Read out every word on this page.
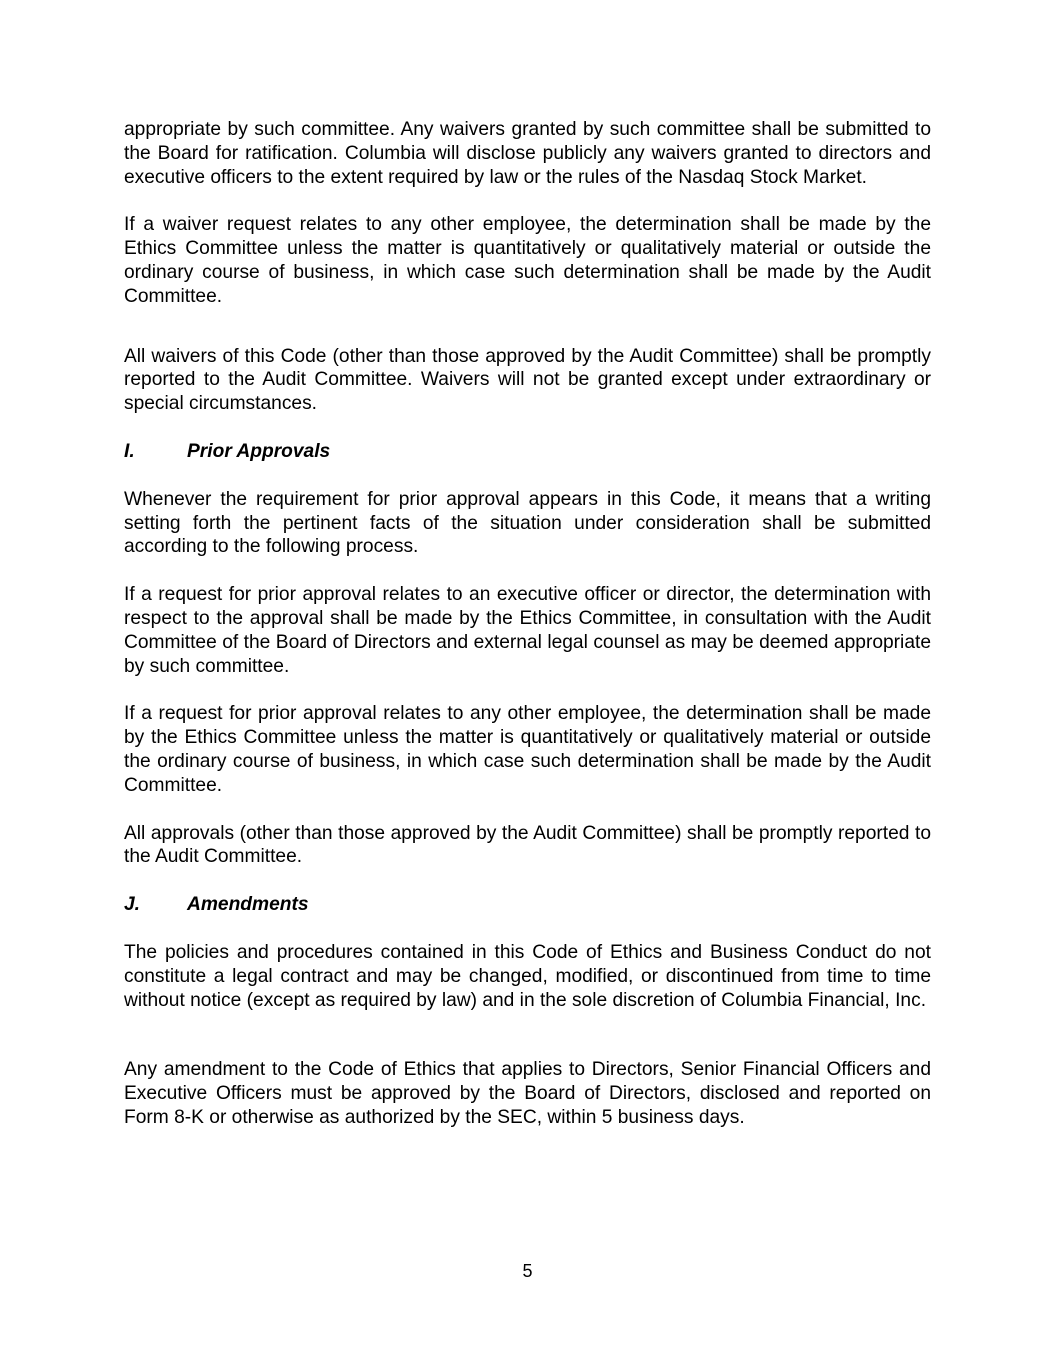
appropriate by such committee. Any waivers granted by such committee shall be submitted to the Board for ratification. Columbia will disclose publicly any waivers granted to directors and executive officers to the extent required by law or the rules of the Nasdaq Stock Market.

If a waiver request relates to any other employee, the determination shall be made by the Ethics Committee unless the matter is quantitatively or qualitatively material or outside the ordinary course of business, in which case such determination shall be made by the Audit Committee.

All waivers of this Code (other than those approved by the Audit Committee) shall be promptly reported to the Audit Committee. Waivers will not be granted except under extraordinary or special circumstances.

I.	Prior Approvals

Whenever the requirement for prior approval appears in this Code, it means that a writing setting forth the pertinent facts of the situation under consideration shall be submitted according to the following process.

If a request for prior approval relates to an executive officer or director, the determination with respect to the approval shall be made by the Ethics Committee, in consultation with the Audit Committee of the Board of Directors and external legal counsel as may be deemed appropriate by such committee.

If a request for prior approval relates to any other employee, the determination shall be made by the Ethics Committee unless the matter is quantitatively or qualitatively material or outside the ordinary course of business, in which case such determination shall be made by the Audit Committee.

All approvals (other than those approved by the Audit Committee) shall be promptly reported to the Audit Committee.

J.	Amendments

The policies and procedures contained in this Code of Ethics and Business Conduct do not constitute a legal contract and may be changed, modified, or discontinued from time to time without notice (except as required by law) and in the sole discretion of Columbia Financial, Inc.

Any amendment to the Code of Ethics that applies to Directors, Senior Financial Officers and Executive Officers must be approved by the Board of Directors, disclosed and reported on Form 8-K or otherwise as authorized by the SEC, within 5 business days.

5
